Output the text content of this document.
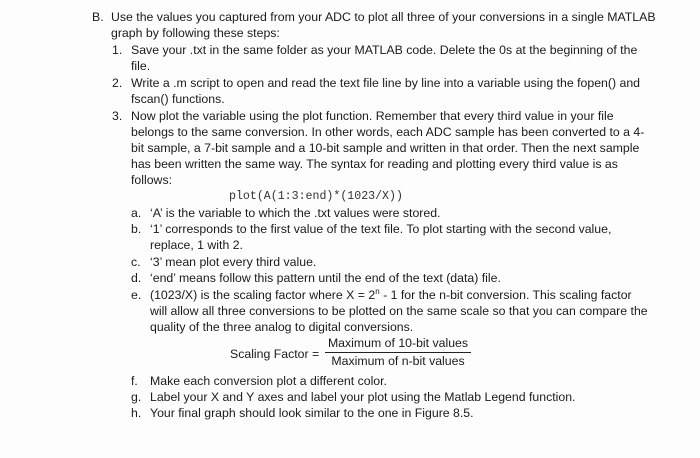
B. Use the values you captured from your ADC to plot all three of your conversions in a single MATLAB
graph by following these steps:
1. Save your .txt in the same folder as your MATLAB code. Delete the 0s at the beginning of the
file.
2. Write a .m script to open and read the text file line by line into a variable using the fopen() and
fscan() functions.
3. Now plot the variable using the plot function. Remember that every third value in your file
belongs to the same conversion. In other words, each ADC sample has been converted to a 4-
bit sample, a 7-bit sample and a 10-bit sample and written in that order. Then the next sample
has been written the same way. The syntax for reading and plotting every third value is as
follows:
plot(A(1:3:end)*(1023/X))
a. ‘A’ is the variable to which the .txt values were stored.
b. ‘1’ corresponds to the first value of the text file. To plot starting with the second value,
replace, 1 with 2.
c. ‘3’ mean plot every third value.
d. ‘end’ means follow this pattern until the end of the text (data) file.
e. (1023/X) is the scaling factor where $X = 2^n - 1$ for the n-bit conversion. This scaling factor
will allow all three conversions to be plotted on the same scale so that you can compare the
quality of the three analog to digital conversions.
Scaling Factor =
Maximum of 10-bit values
Maximum of n-bit values
f. Make each conversion plot a different color.
g. Label your X and Y axes and label your plot using the Matlab Legend function.
h. Your final graph should look similar to the one in Figure 8.5.
